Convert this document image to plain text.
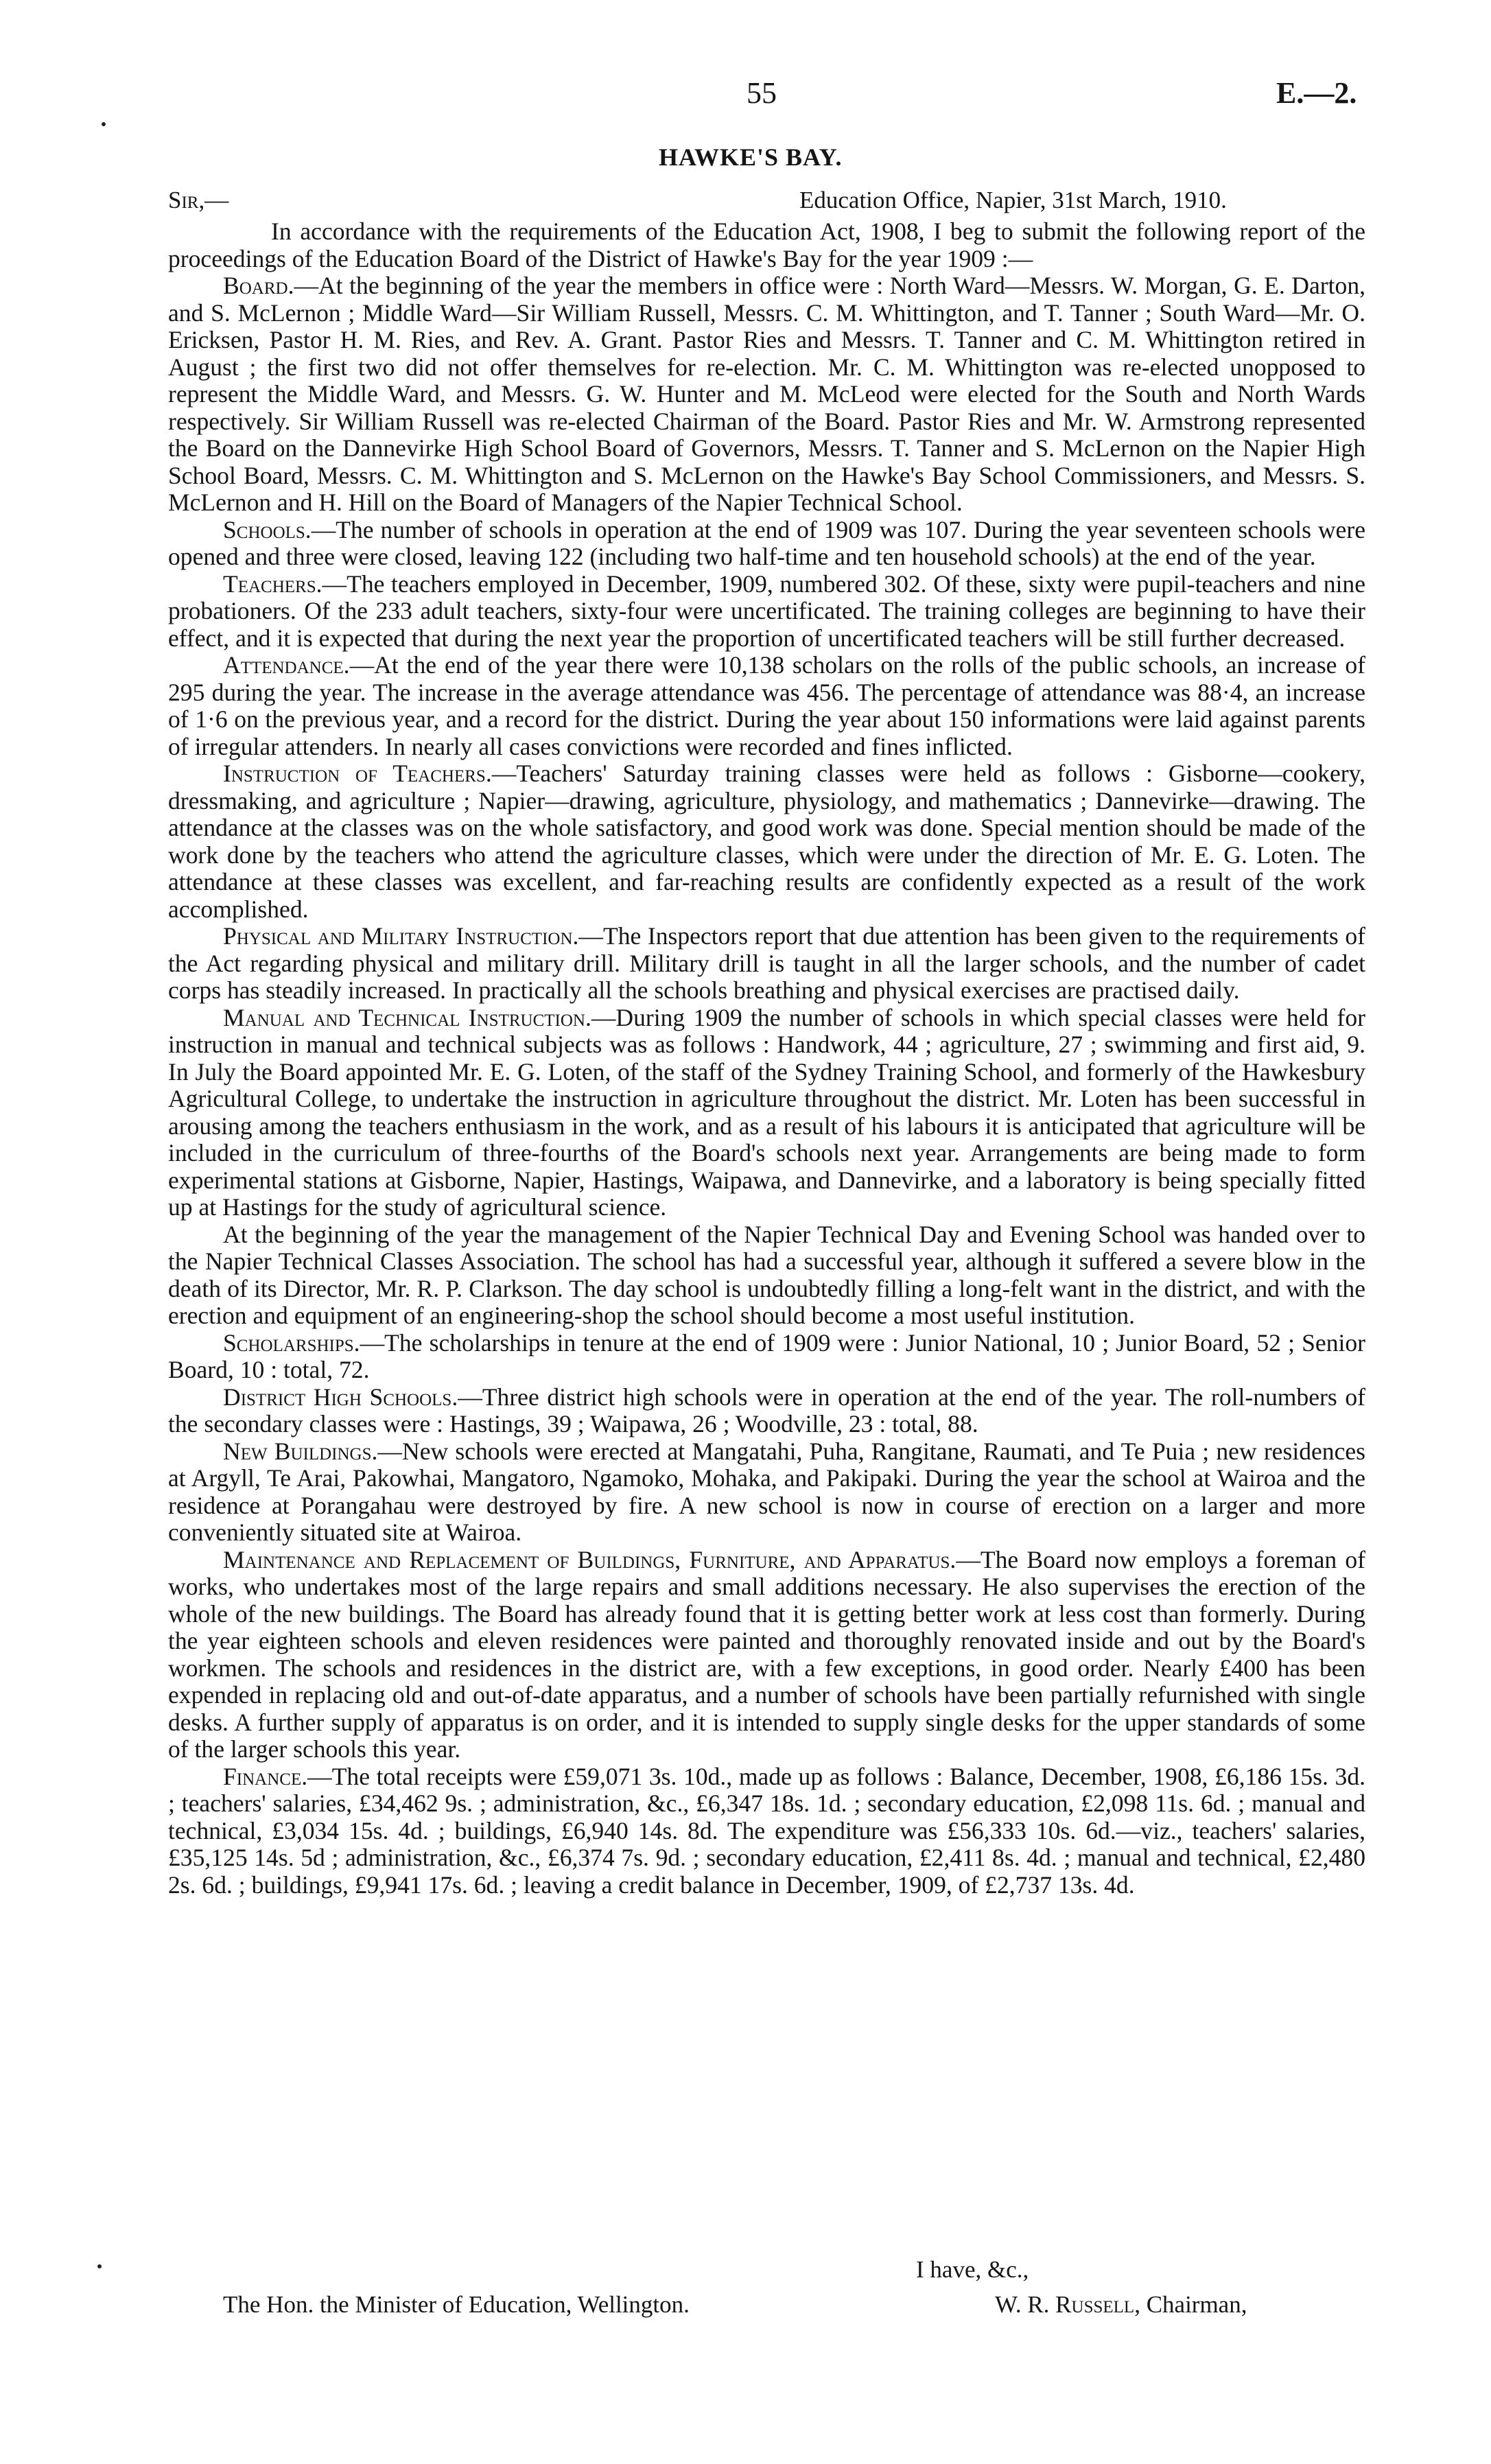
55	E.—2.
HAWKE'S BAY.
Sir,—	Education Office, Napier, 31st March, 1910.

In accordance with the requirements of the Education Act, 1908, I beg to submit the following report of the proceedings of the Education Board of the District of Hawke's Bay for the year 1909 :—

Board.—At the beginning of the year the members in office were : North Ward—Messrs. W. Morgan, G. E. Darton, and S. McLernon ; Middle Ward—Sir William Russell, Messrs. C. M. Whittington, and T. Tanner ; South Ward—Mr. O. Ericksen, Pastor H. M. Ries, and Rev. A. Grant. Pastor Ries and Messrs. T. Tanner and C. M. Whittington retired in August ; the first two did not offer themselves for re-election. Mr. C. M. Whittington was re-elected unopposed to represent the Middle Ward, and Messrs. G. W. Hunter and M. McLeod were elected for the South and North Wards respectively. Sir William Russell was re-elected Chairman of the Board. Pastor Ries and Mr. W. Armstrong represented the Board on the Dannevirke High School Board of Governors, Messrs. T. Tanner and S. McLernon on the Napier High School Board, Messrs. C. M. Whittington and S. McLernon on the Hawke's Bay School Commissioners, and Messrs. S. McLernon and H. Hill on the Board of Managers of the Napier Technical School.

Schools.—The number of schools in operation at the end of 1909 was 107. During the year seventeen schools were opened and three were closed, leaving 122 (including two half-time and ten household schools) at the end of the year.

Teachers.—The teachers employed in December, 1909, numbered 302. Of these, sixty were pupil-teachers and nine probationers. Of the 233 adult teachers, sixty-four were uncertificated. The training colleges are beginning to have their effect, and it is expected that during the next year the proportion of uncertificated teachers will be still further decreased.

Attendance.—At the end of the year there were 10,138 scholars on the rolls of the public schools, an increase of 295 during the year. The increase in the average attendance was 456. The percentage of attendance was 88·4, an increase of 1·6 on the previous year, and a record for the district. During the year about 150 informations were laid against parents of irregular attenders. In nearly all cases convictions were recorded and fines inflicted.

Instruction of Teachers.—Teachers' Saturday training classes were held as follows : Gisborne—cookery, dressmaking, and agriculture ; Napier—drawing, agriculture, physiology, and mathematics ; Dannevirke—drawing. The attendance at the classes was on the whole satisfactory, and good work was done. Special mention should be made of the work done by the teachers who attend the agriculture classes, which were under the direction of Mr. E. G. Loten. The attendance at these classes was excellent, and far-reaching results are confidently expected as a result of the work accomplished.

Physical and Military Instruction.—The Inspectors report that due attention has been given to the requirements of the Act regarding physical and military drill. Military drill is taught in all the larger schools, and the number of cadet corps has steadily increased. In practically all the schools breathing and physical exercises are practised daily.

Manual and Technical Instruction.—During 1909 the number of schools in which special classes were held for instruction in manual and technical subjects was as follows : Handwork, 44 ; agriculture, 27 ; swimming and first aid, 9. In July the Board appointed Mr. E. G. Loten, of the staff of the Sydney Training School, and formerly of the Hawkesbury Agricultural College, to undertake the instruction in agriculture throughout the district. Mr. Loten has been successful in arousing among the teachers enthusiasm in the work, and as a result of his labours it is anticipated that agriculture will be included in the curriculum of three-fourths of the Board's schools next year. Arrangements are being made to form experimental stations at Gisborne, Napier, Hastings, Waipawa, and Dannevirke, and a laboratory is being specially fitted up at Hastings for the study of agricultural science.

At the beginning of the year the management of the Napier Technical Day and Evening School was handed over to the Napier Technical Classes Association. The school has had a successful year, although it suffered a severe blow in the death of its Director, Mr. R. P. Clarkson. The day school is undoubtedly filling a long-felt want in the district, and with the erection and equipment of an engineering-shop the school should become a most useful institution.

Scholarships.—The scholarships in tenure at the end of 1909 were : Junior National, 10 ; Junior Board, 52 ; Senior Board, 10 : total, 72.

District High Schools.—Three district high schools were in operation at the end of the year. The roll-numbers of the secondary classes were : Hastings, 39 ; Waipawa, 26 ; Woodville, 23 : total, 88.

New Buildings.—New schools were erected at Mangatahi, Puha, Rangitane, Raumati, and Te Puia ; new residences at Argyll, Te Arai, Pakowhai, Mangatoro, Ngamoko, Mohaka, and Pakipaki. During the year the school at Wairoa and the residence at Porangahau were destroyed by fire. A new school is now in course of erection on a larger and more conveniently situated site at Wairoa.

Maintenance and Replacement of Buildings, Furniture, and Apparatus.—The Board now employs a foreman of works, who undertakes most of the large repairs and small additions necessary. He also supervises the erection of the whole of the new buildings. The Board has already found that it is getting better work at less cost than formerly. During the year eighteen schools and eleven residences were painted and thoroughly renovated inside and out by the Board's workmen. The schools and residences in the district are, with a few exceptions, in good order. Nearly £400 has been expended in replacing old and out-of-date apparatus, and a number of schools have been partially refurnished with single desks. A further supply of apparatus is on order, and it is intended to supply single desks for the upper standards of some of the larger schools this year.

Finance.—The total receipts were £59,071 3s. 10d., made up as follows : Balance, December, 1908, £6,186 15s. 3d. ; teachers' salaries, £34,462 9s. ; administration, &c., £6,347 18s. 1d. ; secondary education, £2,098 11s. 6d. ; manual and technical, £3,034 15s. 4d. ; buildings, £6,940 14s. 8d. The expenditure was £56,333 10s. 6d.—viz., teachers' salaries, £35,125 14s. 5d ; administration, &c., £6,374 7s. 9d. ; secondary education, £2,411 8s. 4d. ; manual and technical, £2,480 2s. 6d. ; buildings, £9,941 17s. 6d. ; leaving a credit balance in December, 1909, of £2,737 13s. 4d.

I have, &c.,
The Hon. the Minister of Education, Wellington.	W. R. Russell, Chairman,
